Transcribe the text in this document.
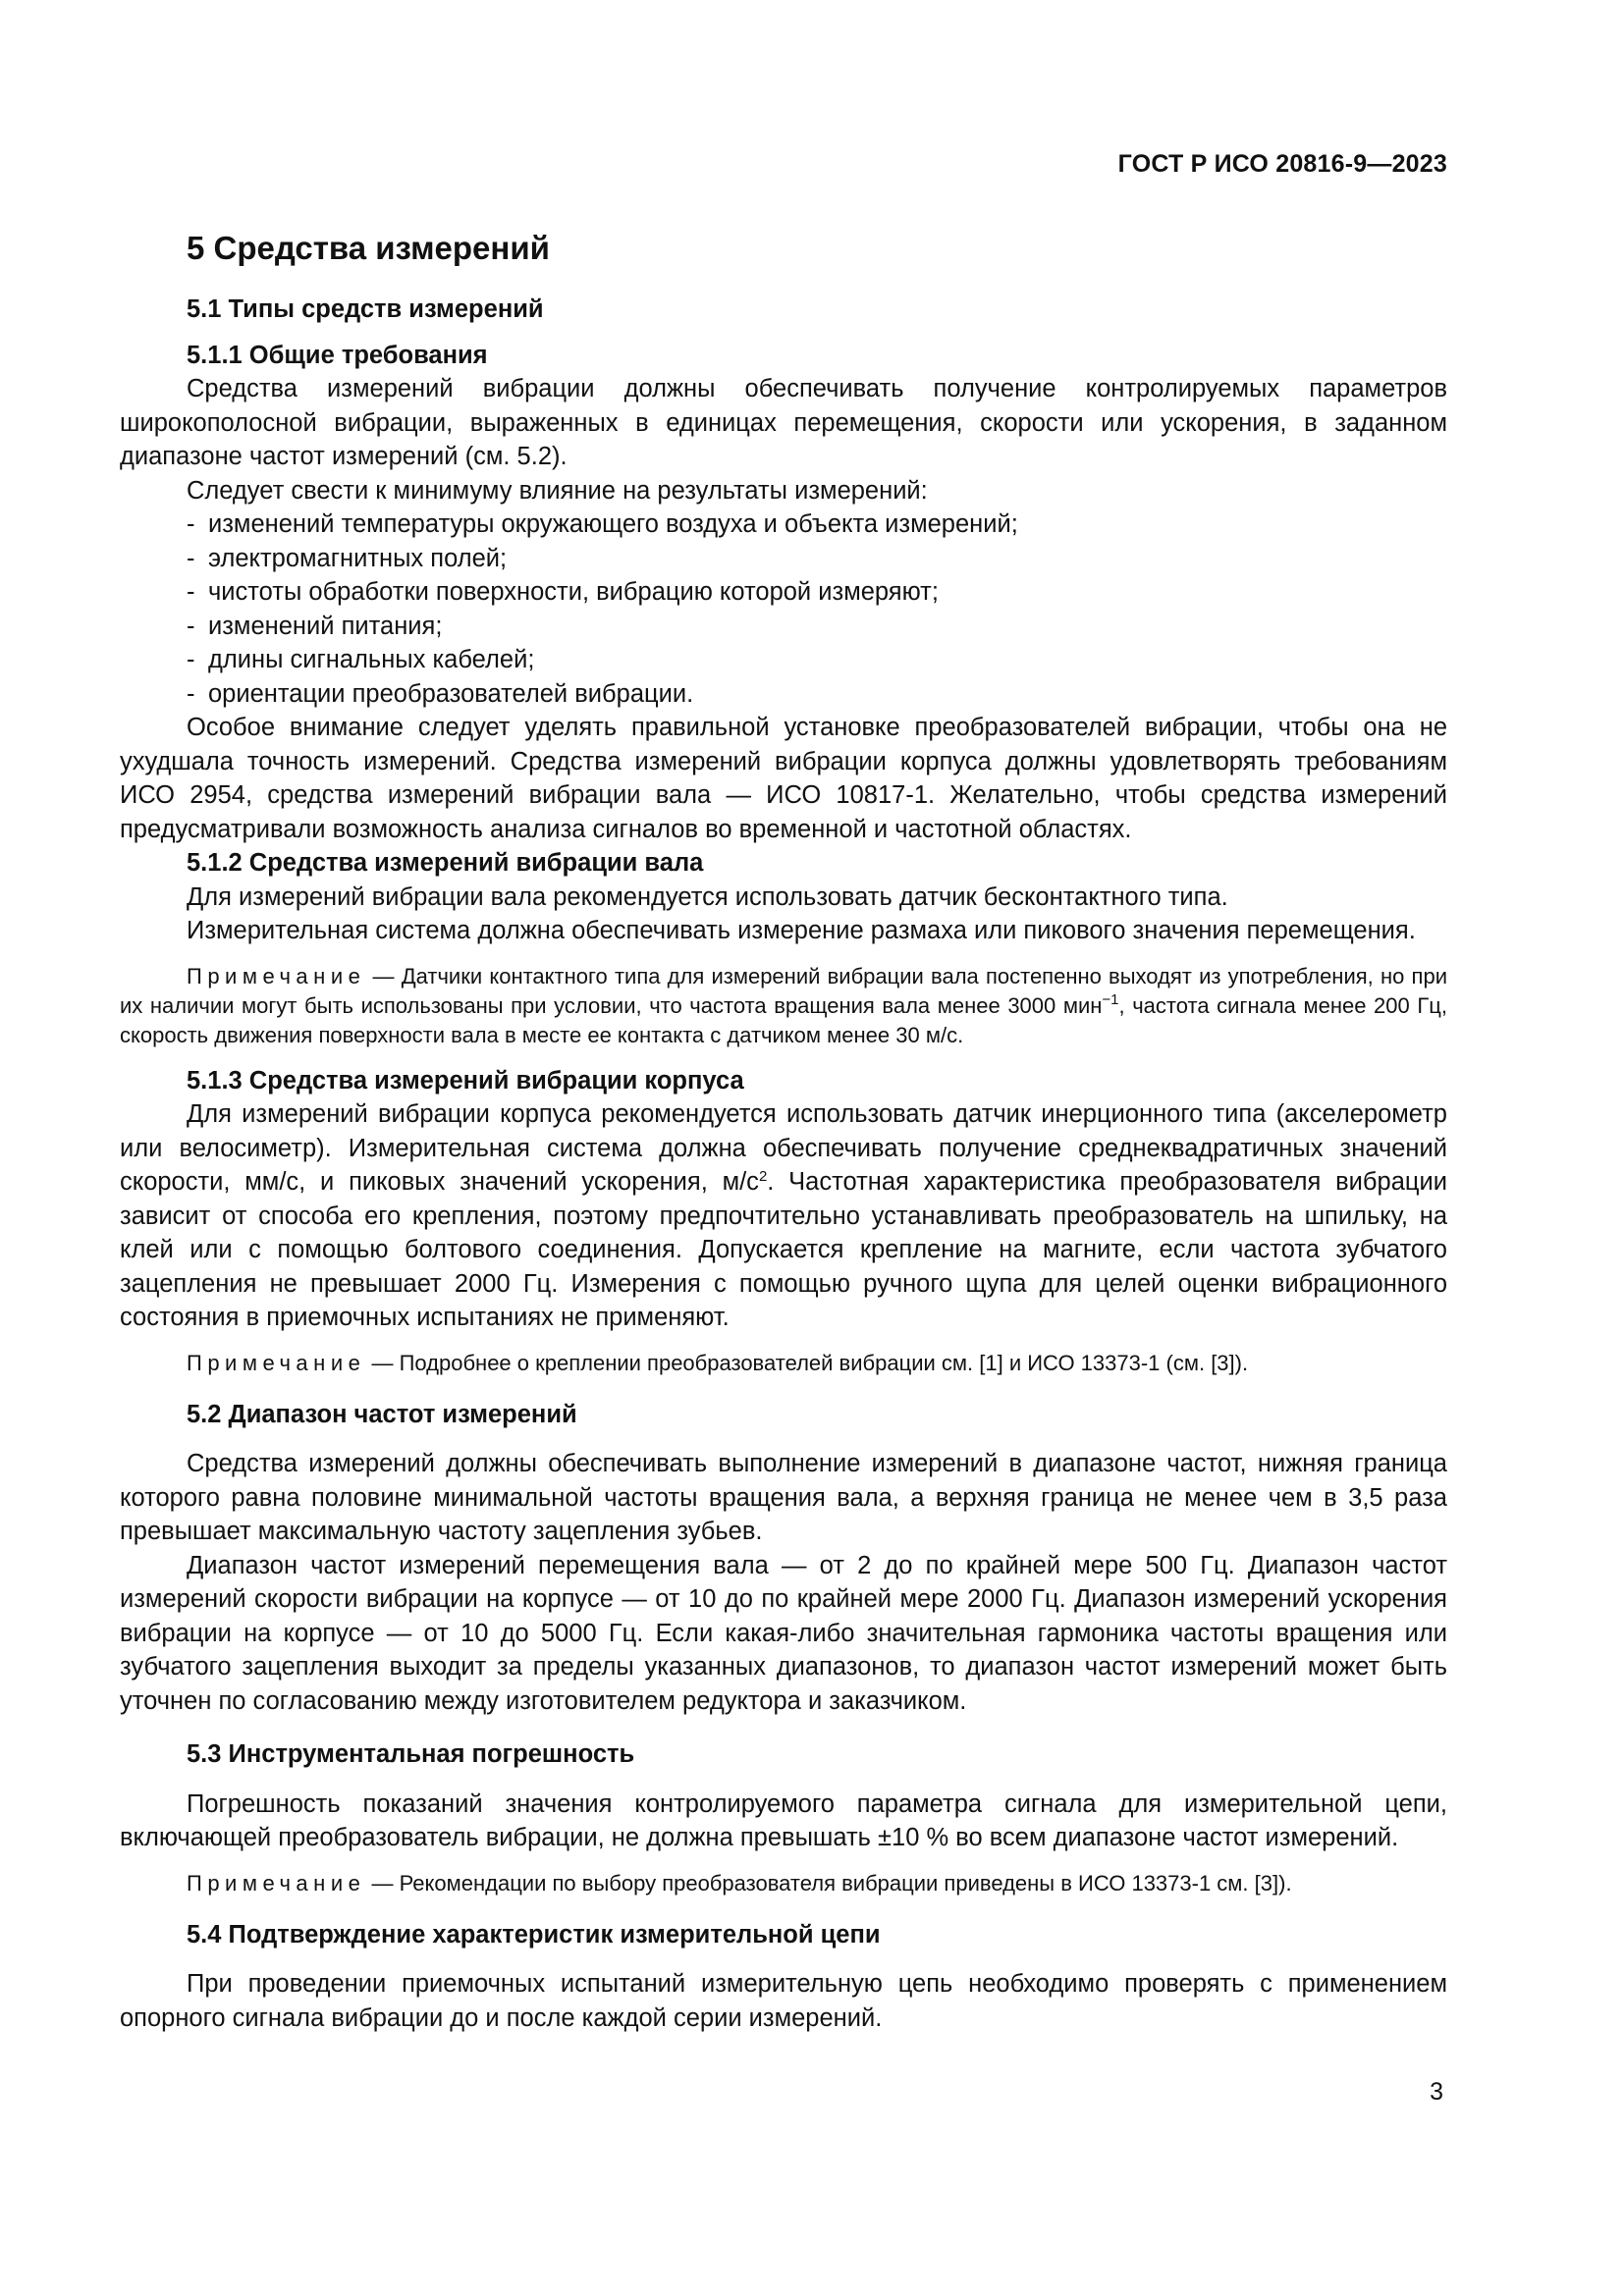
ГОСТ Р ИСО 20816-9—2023
5 Средства измерений
5.1 Типы средств измерений
5.1.1 Общие требования

Средства измерений вибрации должны обеспечивать получение контролируемых параметров широкополосной вибрации, выраженных в единицах перемещения, скорости или ускорения, в заданном диапазоне частот измерений (см. 5.2).

Следует свести к минимуму влияние на результаты измерений:

- изменений температуры окружающего воздуха и объекта измерений;
- электромагнитных полей;
- чистоты обработки поверхности, вибрацию которой измеряют;
- изменений питания;
- длины сигнальных кабелей;
- ориентации преобразователей вибрации.

Особое внимание следует уделять правильной установке преобразователей вибрации, чтобы она не ухудшала точность измерений. Средства измерений вибрации корпуса должны удовлетворять требованиям ИСО 2954, средства измерений вибрации вала — ИСО 10817-1. Желательно, чтобы средства измерений предусматривали возможность анализа сигналов во временной и частотной областях.

5.1.2 Средства измерений вибрации вала

Для измерений вибрации вала рекомендуется использовать датчик бесконтактного типа.

Измерительная система должна обеспечивать измерение размаха или пикового значения перемещения.

Примечание — Датчики контактного типа для измерений вибрации вала постепенно выходят из употребления, но при их наличии могут быть использованы при условии, что частота вращения вала менее 3000 мин$^{-1}$, частота сигнала менее 200 Гц, скорость движения поверхности вала в месте ее контакта с датчиком менее 30 м/с.

5.1.3 Средства измерений вибрации корпуса

Для измерений вибрации корпуса рекомендуется использовать датчик инерционного типа (акселерометр или велосиметр). Измерительная система должна обеспечивать получение среднеквадратичных значений скорости, мм/с, и пиковых значений ускорения, $м/с^2$. Частотная характеристика преобразователя вибрации зависит от способа его крепления, поэтому предпочтительно устанавливать преобразователь на шпильку, на клей или с помощью болтового соединения. Допускается крепление на магните, если частота зубчатого зацепления не превышает 2000 Гц. Измерения с помощью ручного щупа для целей оценки вибрационного состояния в приемочных испытаниях не применяют.

Примечание — Подробнее о креплении преобразователей вибрации см. [1] и ИСО 13373-1 (см. [3]).

5.2 Диапазон частот измерений

Средства измерений должны обеспечивать выполнение измерений в диапазоне частот, нижняя граница которого равна половине минимальной частоты вращения вала, а верхняя граница не менее чем в 3,5 раза превышает максимальную частоту зацепления зубьев.

Диапазон частот измерений перемещения вала — от 2 до по крайней мере 500 Гц. Диапазон частот измерений скорости вибрации на корпусе — от 10 до по крайней мере 2000 Гц. Диапазон измерений ускорения вибрации на корпусе — от 10 до 5000 Гц. Если какая-либо значительная гармоника частоты вращения или зубчатого зацепления выходит за пределы указанных диапазонов, то диапазон частот измерений может быть уточнен по согласованию между изготовителем редуктора и заказчиком.

5.3 Инструментальная погрешность

Погрешность показаний значения контролируемого параметра сигнала для измерительной цепи, включающей преобразователь вибрации, не должна превышать ±10 % во всем диапазоне частот измерений.

Примечание — Рекомендации по выбору преобразователя вибрации приведены в ИСО 13373-1 см. [3]).

5.4 Подтверждение характеристик измерительной цепи

При проведении приемочных испытаний измерительную цепь необходимо проверять с применением опорного сигнала вибрации до и после каждой серии измерений.

3
